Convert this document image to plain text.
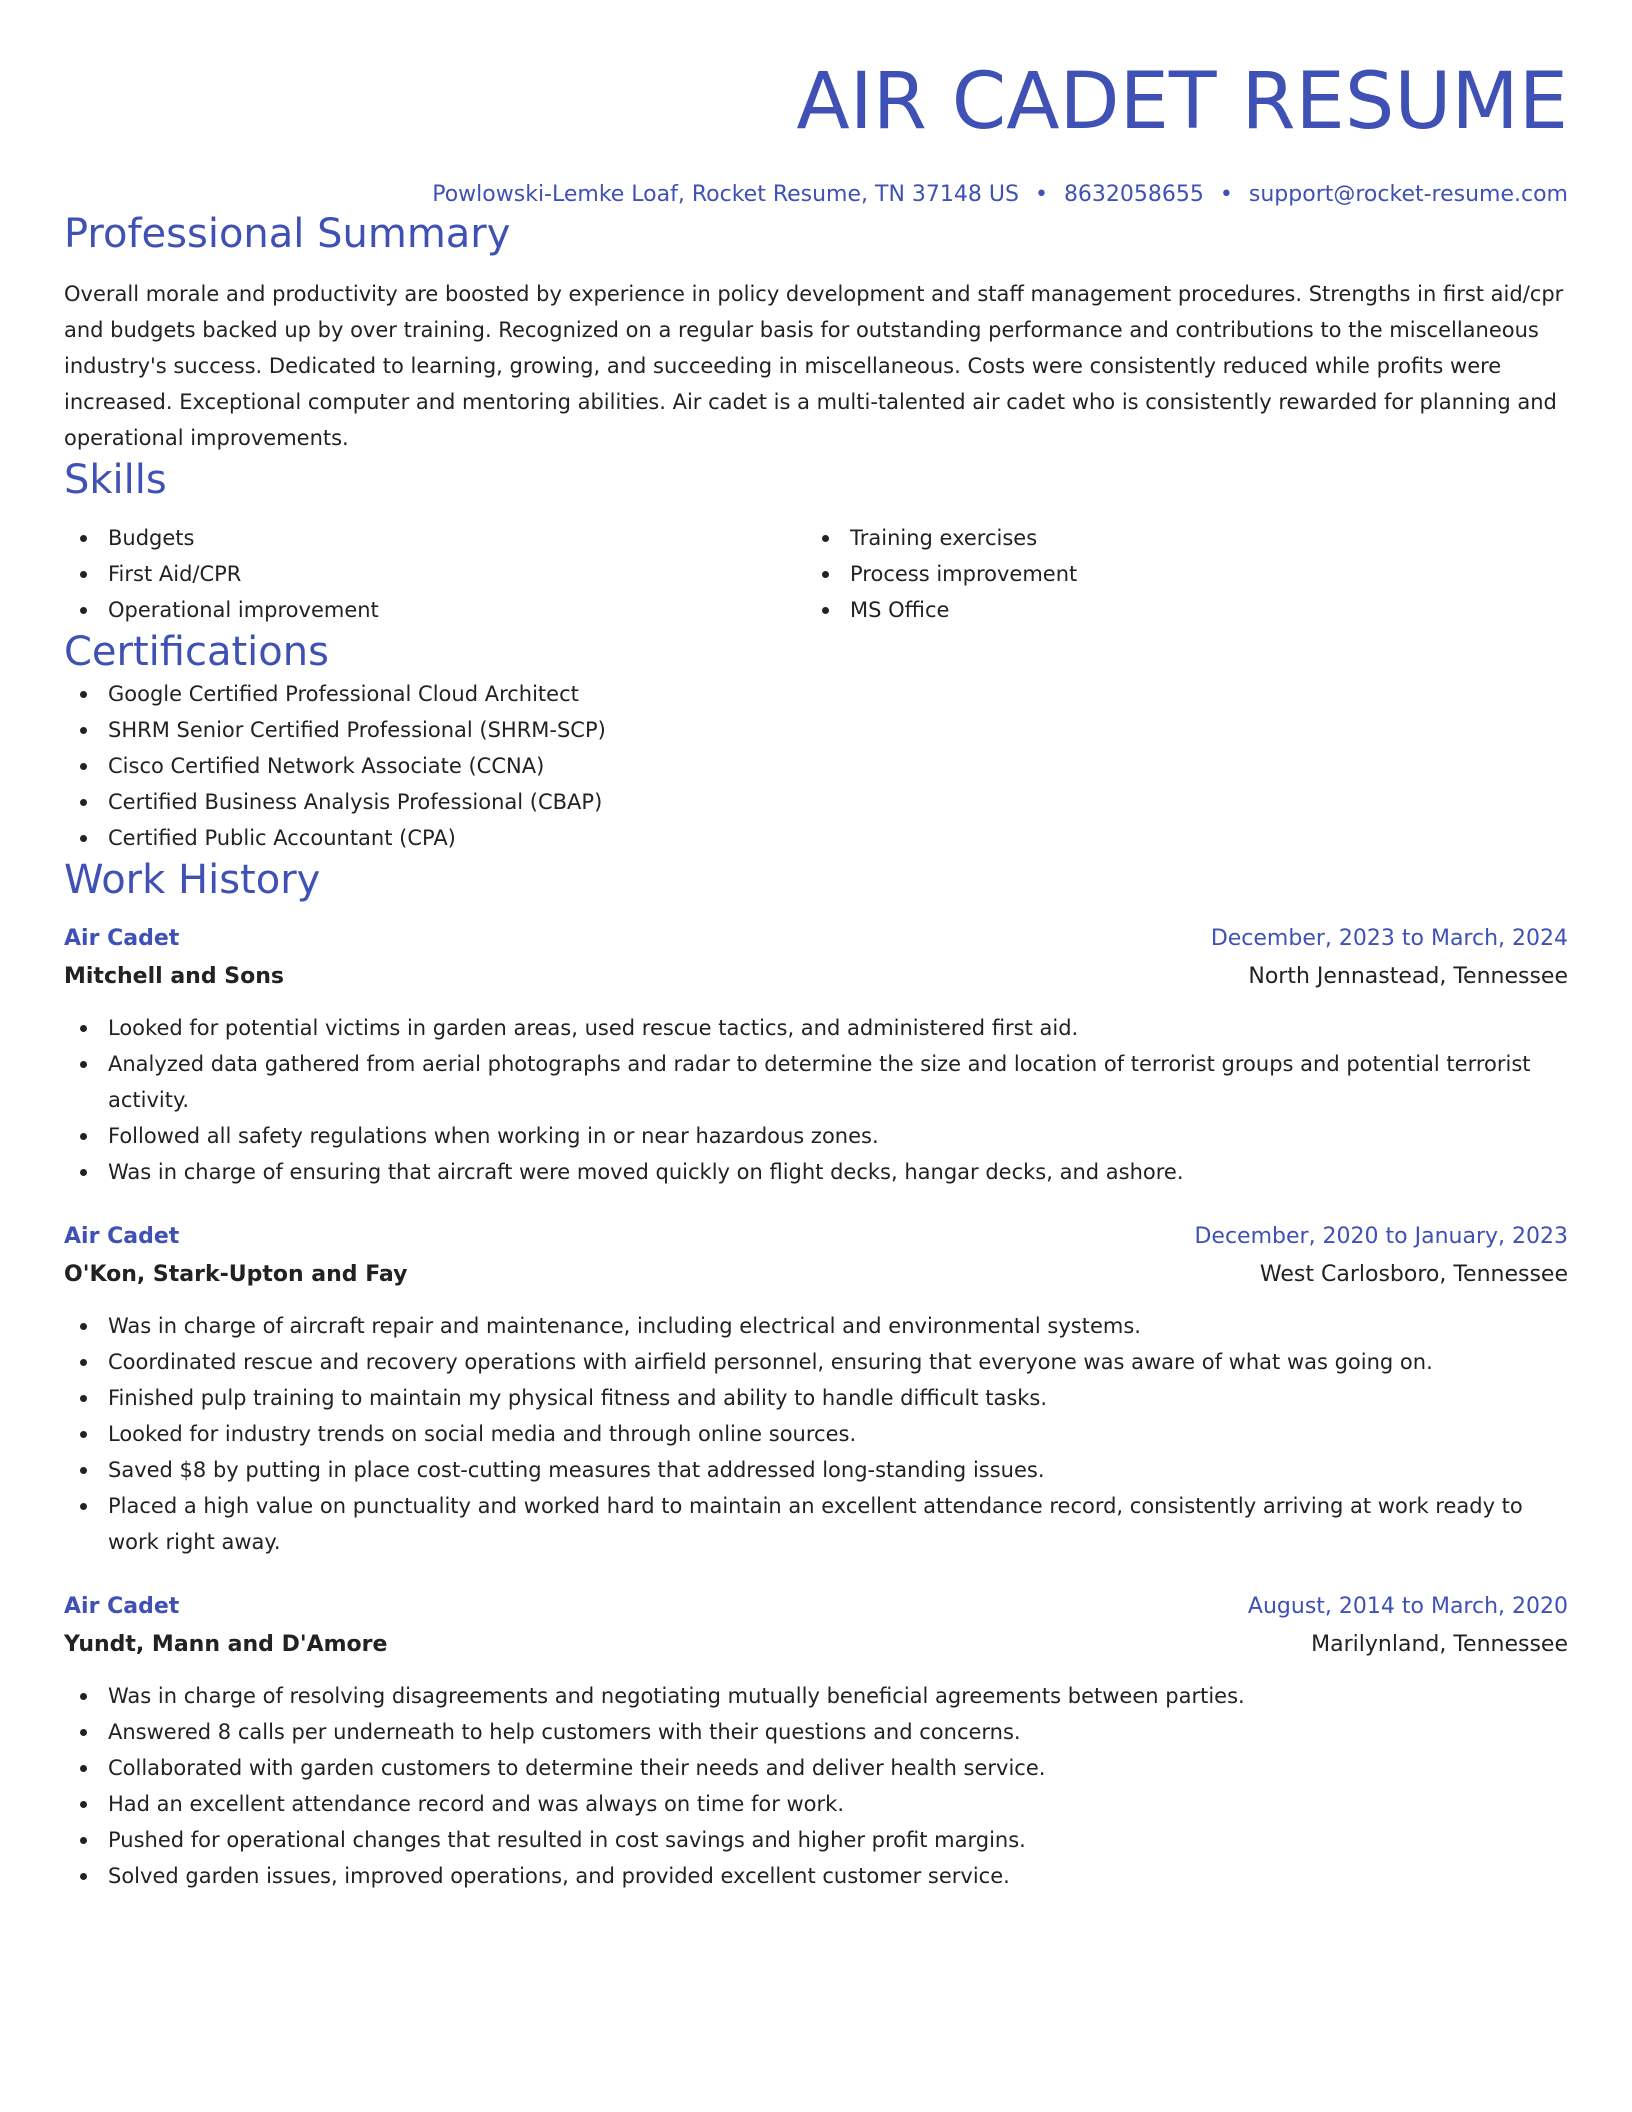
AIR CADET RESUME
Powlowski-Lemke Loaf, Rocket Resume, TN 37148 US • 8632058655 • support@rocket-resume.com
Professional Summary
Overall morale and productivity are boosted by experience in policy development and staff management procedures. Strengths in first aid/cpr and budgets backed up by over training. Recognized on a regular basis for outstanding performance and contributions to the miscellaneous industry's success. Dedicated to learning, growing, and succeeding in miscellaneous. Costs were consistently reduced while profits were increased. Exceptional computer and mentoring abilities. Air cadet is a multi-talented air cadet who is consistently rewarded for planning and operational improvements.
Skills
Budgets
First Aid/CPR
Operational improvement
Training exercises
Process improvement
MS Office
Certifications
Google Certified Professional Cloud Architect
SHRM Senior Certified Professional (SHRM-SCP)
Cisco Certified Network Associate (CCNA)
Certified Business Analysis Professional (CBAP)
Certified Public Accountant (CPA)
Work History
Air Cadet	December, 2023 to March, 2024
Mitchell and Sons	North Jennastead, Tennessee
Looked for potential victims in garden areas, used rescue tactics, and administered first aid.
Analyzed data gathered from aerial photographs and radar to determine the size and location of terrorist groups and potential terrorist activity.
Followed all safety regulations when working in or near hazardous zones.
Was in charge of ensuring that aircraft were moved quickly on flight decks, hangar decks, and ashore.
Air Cadet	December, 2020 to January, 2023
O'Kon, Stark-Upton and Fay	West Carlosboro, Tennessee
Was in charge of aircraft repair and maintenance, including electrical and environmental systems.
Coordinated rescue and recovery operations with airfield personnel, ensuring that everyone was aware of what was going on.
Finished pulp training to maintain my physical fitness and ability to handle difficult tasks.
Looked for industry trends on social media and through online sources.
Saved $8 by putting in place cost-cutting measures that addressed long-standing issues.
Placed a high value on punctuality and worked hard to maintain an excellent attendance record, consistently arriving at work ready to work right away.
Air Cadet	August, 2014 to March, 2020
Yundt, Mann and D'Amore	Marilynland, Tennessee
Was in charge of resolving disagreements and negotiating mutually beneficial agreements between parties.
Answered 8 calls per underneath to help customers with their questions and concerns.
Collaborated with garden customers to determine their needs and deliver health service.
Had an excellent attendance record and was always on time for work.
Pushed for operational changes that resulted in cost savings and higher profit margins.
Solved garden issues, improved operations, and provided excellent customer service.
